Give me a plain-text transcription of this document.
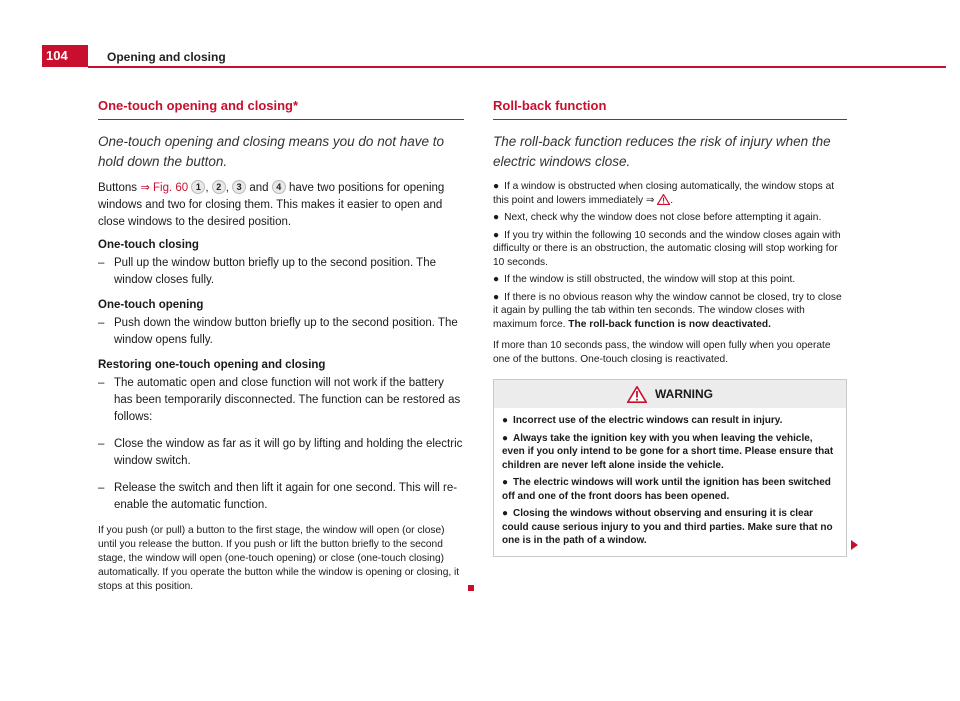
104	Opening and closing
One-touch opening and closing*

One-touch opening and closing means you do not have to hold down the button.

Buttons ⇒ Fig. 60 1 , 2 , 3 and 4 have two positions for opening windows and two for closing them. This makes it easier to open and close windows to the desired position.

One-touch closing
– Pull up the window button briefly up to the second position. The window closes fully.
One-touch opening
– Push down the window button briefly up to the second position. The window opens fully.
Restoring one-touch opening and closing
– The automatic open and close function will not work if the battery has been temporarily disconnected. The function can be restored as follows:
– Close the window as far as it will go by lifting and holding the electric window switch.
– Release the switch and then lift it again for one second. This will re-enable the automatic function.

If you push (or pull) a button to the first stage, the window will open (or close) until you release the button. If you push or lift the button briefly to the second stage, the window will open (one-touch opening) or close (one-touch closing) automatically. If you operate the button while the window is opening or closing, it stops at this position.

Roll-back function

The roll-back function reduces the risk of injury when the electric windows close.

● If a window is obstructed when closing automatically, the window stops at this point and lowers immediately ⇒ .

● Next, check why the window does not close before attempting it again.

● If you try within the following 10 seconds and the window closes again with difficulty or there is an obstruction, the automatic closing will stop working for 10 seconds.

● If the window is still obstructed, the window will stop at this point.

● If there is no obvious reason why the window cannot be closed, try to close it again by pulling the tab within ten seconds. The window closes with maximum force. The roll-back function is now deactivated.

If more than 10 seconds pass, the window will open fully when you operate one of the buttons. One-touch closing is reactivated.

WARNING

● Incorrect use of the electric windows can result in injury.

● Always take the ignition key with you when leaving the vehicle, even if you only intend to be gone for a short time. Please ensure that children are never left alone inside the vehicle.

● The electric windows will work until the ignition has been switched off and one of the front doors has been opened.

● Closing the windows without observing and ensuring it is clear could cause serious injury to you and third parties. Make sure that no one is in the path of a window.
